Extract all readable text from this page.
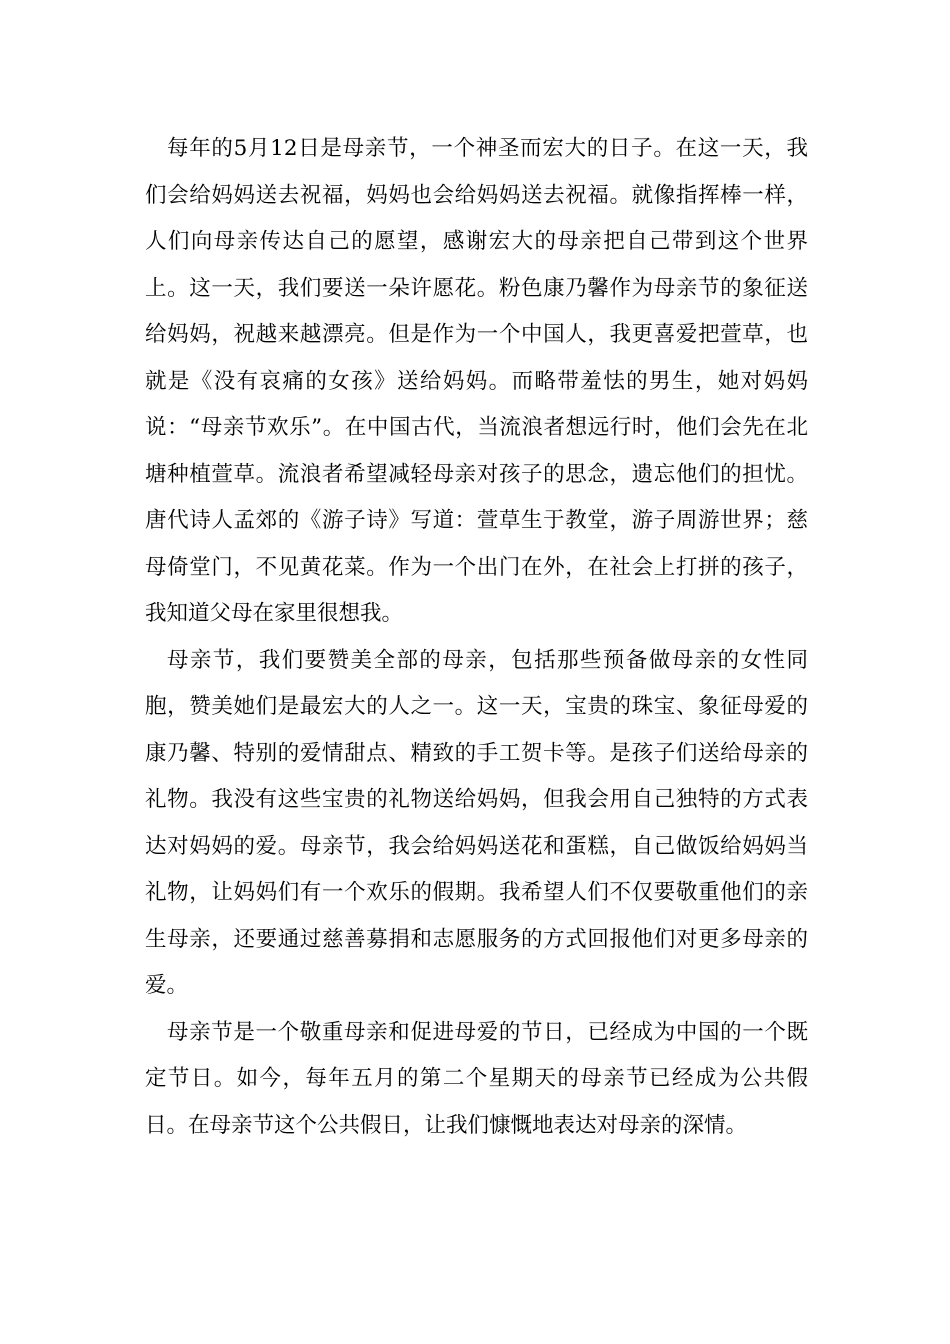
每年的5月12日是母亲节，一个神圣而宏大的日子。在这一天，我们会给妈妈送去祝福，妈妈也会给妈妈送去祝福。就像指挥棒一样，人们向母亲传达自己的愿望，感谢宏大的母亲把自己带到这个世界上。这一天，我们要送一朵许愿花。粉色康乃馨作为母亲节的象征送给妈妈，祝越来越漂亮。但是作为一个中国人，我更喜爱把萱草，也就是《没有哀痛的女孩》送给妈妈。而略带羞怯的男生，她对妈妈说：“母亲节欢乐”。在中国古代，当流浪者想远行时，他们会先在北塘种植萱草。流浪者希望减轻母亲对孩子的思念，遗忘他们的担忧。唐代诗人孟郊的《游子诗》写道：萱草生于教堂，游子周游世界；慈母倚堂门，不见黄花菜。作为一个出门在外，在社会上打拼的孩子，我知道父母在家里很想我。

母亲节，我们要赞美全部的母亲，包括那些预备做母亲的女性同胞，赞美她们是最宏大的人之一。这一天，宝贵的珠宝、象征母爱的康乃馨、特别的爱情甜点、精致的手工贺卡等。是孩子们送给母亲的礼物。我没有这些宝贵的礼物送给妈妈，但我会用自己独特的方式表达对妈妈的爱。母亲节，我会给妈妈送花和蛋糕，自己做饭给妈妈当礼物，让妈妈们有一个欢乐的假期。我希望人们不仅要敬重他们的亲生母亲，还要通过慈善募捐和志愿服务的方式回报他们对更多母亲的爱。

母亲节是一个敬重母亲和促进母爱的节日，已经成为中国的一个既定节日。如今，每年五月的第二个星期天的母亲节已经成为公共假日。在母亲节这个公共假日，让我们慷慨地表达对母亲的深情。
